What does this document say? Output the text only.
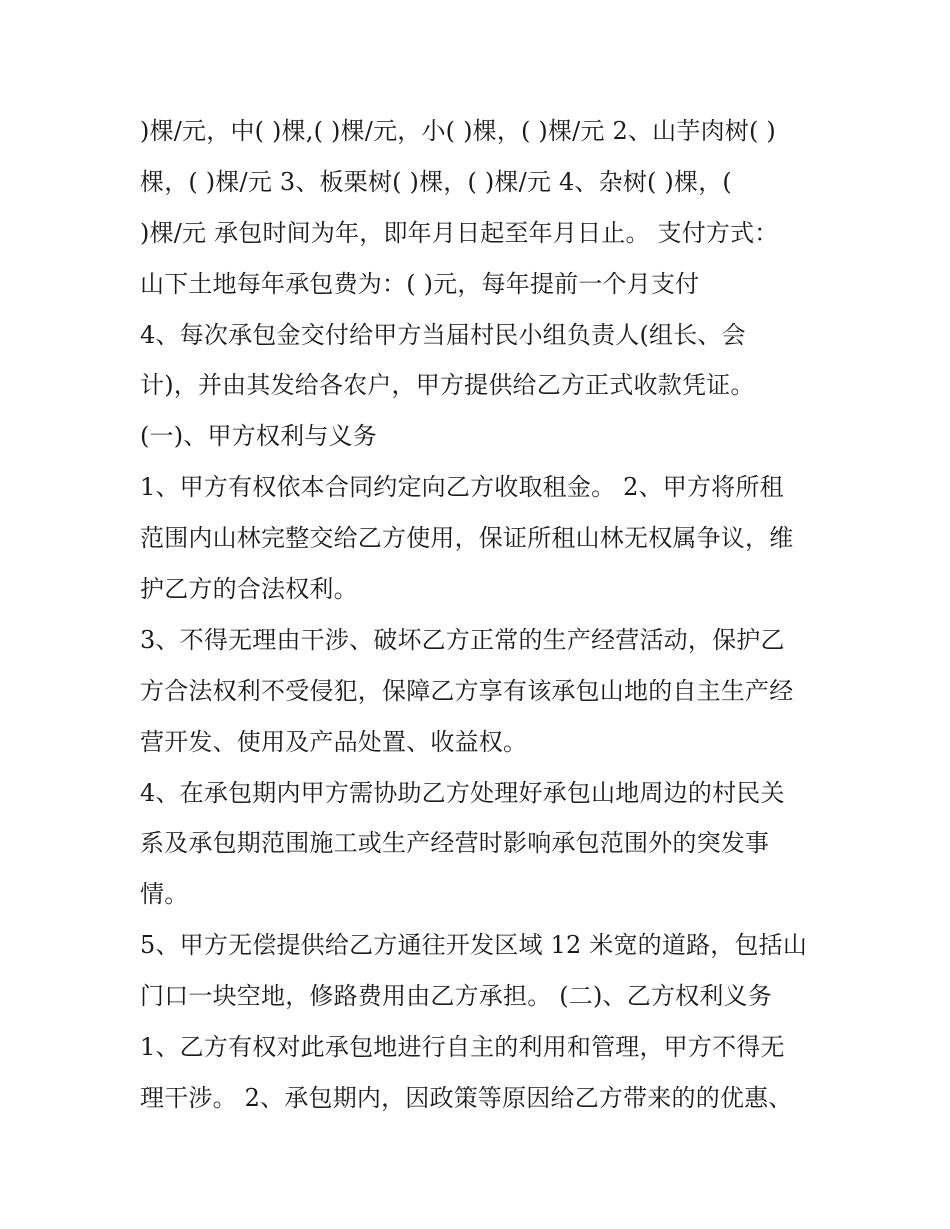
)棵/元，中( )棵,( )棵/元，小( )棵，( )棵/元 2、山芋肉树( )
棵，( )棵/元 3、板栗树( )棵，( )棵/元 4、杂树( )棵，(
)棵/元 承包时间为年，即年月日起至年月日止。 支付方式：
山下土地每年承包费为：( )元，每年提前一个月支付
4、每次承包金交付给甲方当届村民小组负责人(组长、会
计)，并由其发给各农户，甲方提供给乙方正式收款凭证。
(一)、甲方权利与义务
1、甲方有权依本合同约定向乙方收取租金。 2、甲方将所租
范围内山林完整交给乙方使用，保证所租山林无权属争议，维
护乙方的合法权利。
3、不得无理由干涉、破坏乙方正常的生产经营活动，保护乙
方合法权利不受侵犯，保障乙方享有该承包山地的自主生产经
营开发、使用及产品处置、收益权。
4、在承包期内甲方需协助乙方处理好承包山地周边的村民关
系及承包期范围施工或生产经营时影响承包范围外的突发事
情。
5、甲方无偿提供给乙方通往开发区域 12 米宽的道路，包括山
门口一块空地，修路费用由乙方承担。 (二)、乙方权利义务
1、乙方有权对此承包地进行自主的利用和管理，甲方不得无
理干涉。 2、承包期内，因政策等原因给乙方带来的的优惠、
